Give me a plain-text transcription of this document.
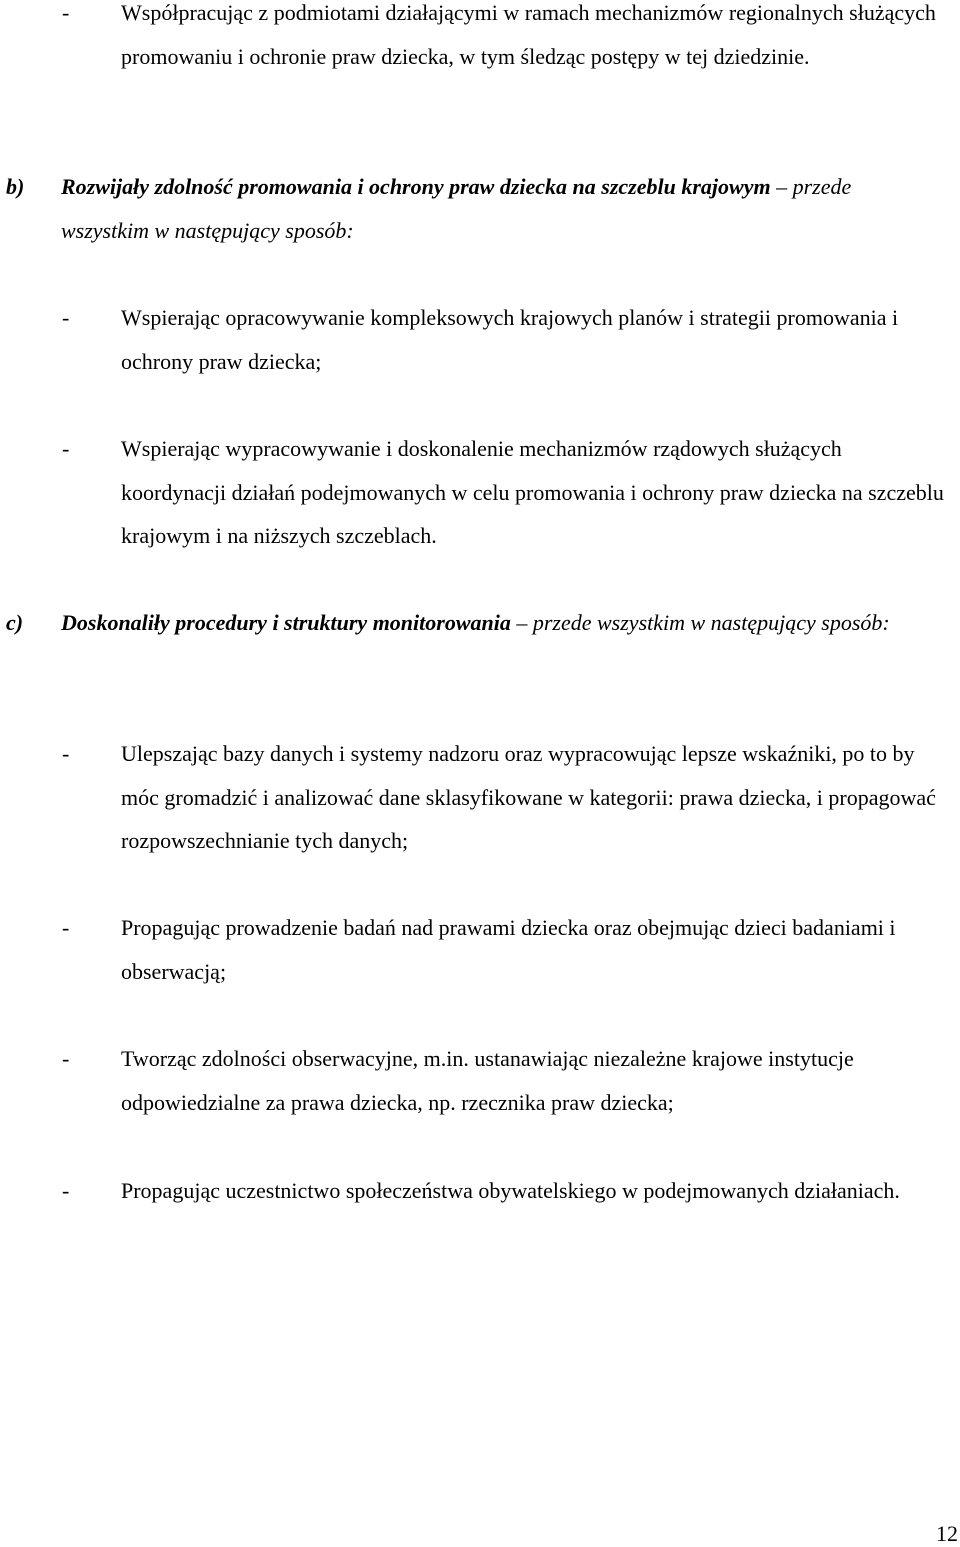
- Współpracując z podmiotami działającymi w ramach mechanizmów regionalnych służących promowaniu i ochronie praw dziecka, w tym śledząc postępy w tej dziedzinie.
b) Rozwijały zdolność promowania i ochrony praw dziecka na szczeblu krajowym – przede wszystkim w następujący sposób:
- Wspierając opracowywanie kompleksowych krajowych planów i strategii promowania i ochrony praw dziecka;
- Wspierając wypracowywanie i doskonalenie mechanizmów rządowych służących koordynacji działań podejmowanych w celu promowania i ochrony praw dziecka na szczeblu krajowym i na niższych szczeblach.
c) Doskonaliły procedury i struktury monitorowania – przede wszystkim w następujący sposób:
- Ulepszając bazy danych i systemy nadzoru oraz wypracowując lepsze wskaźniki, po to by móc gromadzić i analizować dane sklasyfikowane w kategorii: prawa dziecka, i propagować rozpowszechnianie tych danych;
- Propagując prowadzenie badań nad prawami dziecka oraz obejmując dzieci badaniami i obserwacją;
- Tworząc zdolności obserwacyjne, m.in. ustanawiając niezależne krajowe instytucje odpowiedzialne za prawa dziecka, np. rzecznika praw dziecka;
- Propagując uczestnictwo społeczeństwa obywatelskiego w podejmowanych działaniach.
12
